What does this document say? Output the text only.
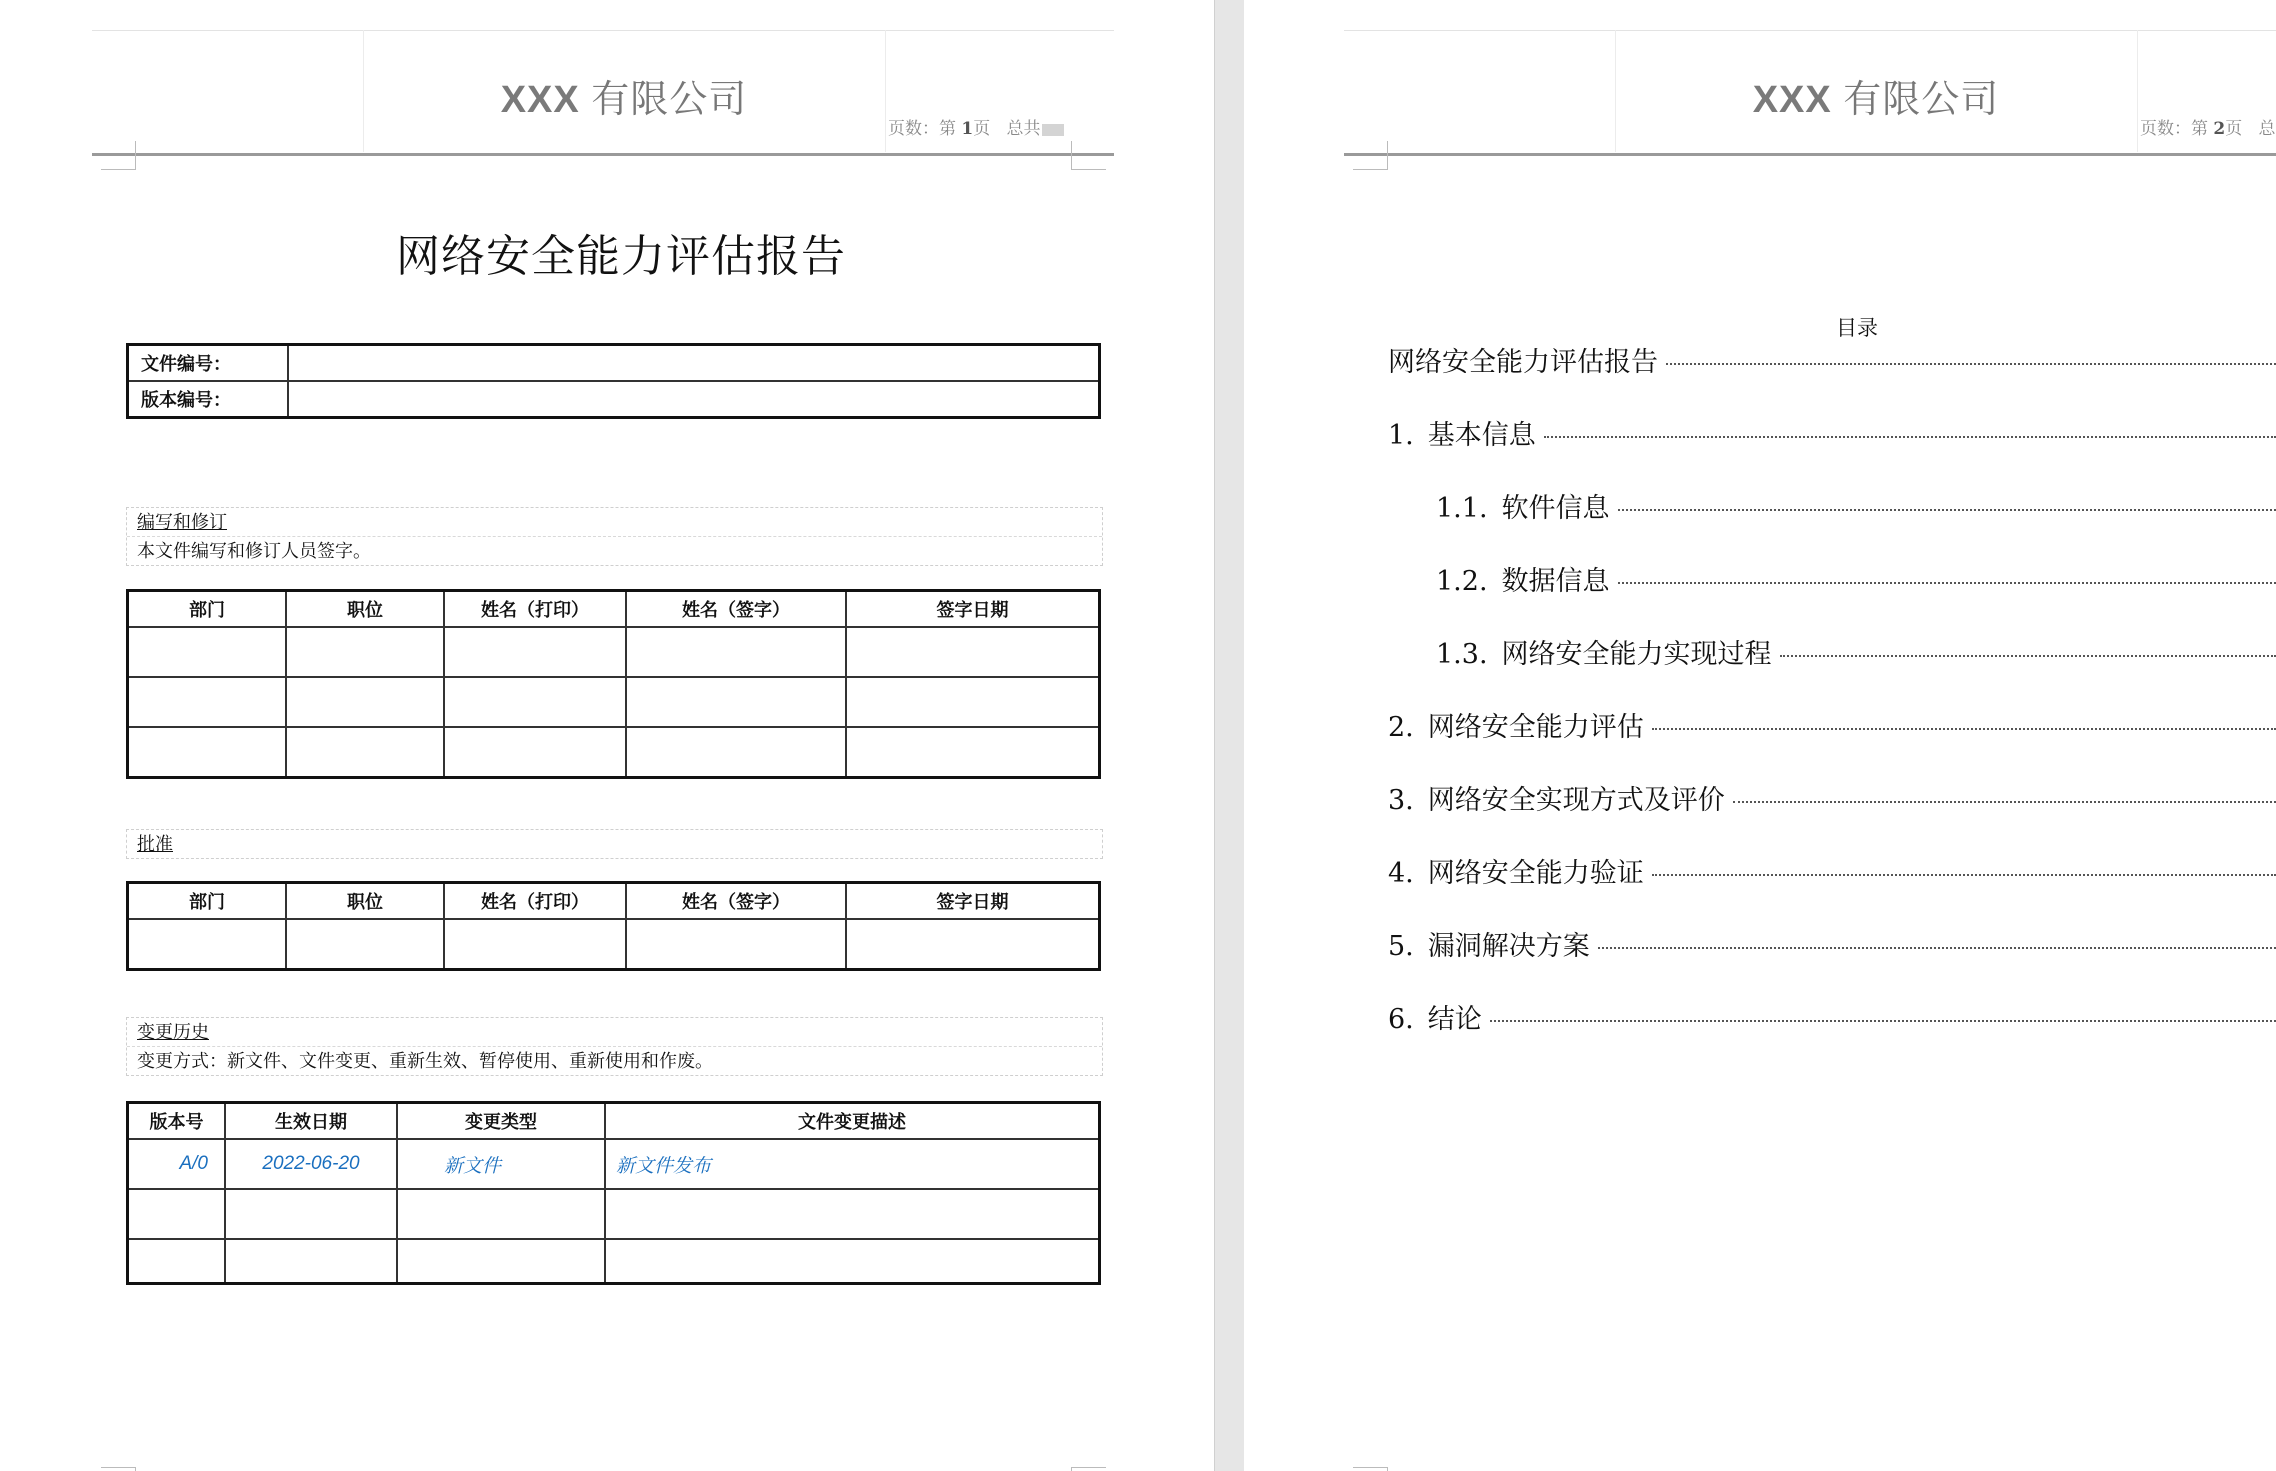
XXX 有限公司
页数：第 1页 总共
网络安全能力评估报告
文件编号：	
版本编号：	
编写和修订
本文件编写和修订人员签字。
部门	职位	姓名（打印）	姓名（签字）	签字日期

批准
部门	职位	姓名（打印）	姓名（签字）	签字日期

变更历史
变更方式：新文件、文件变更、重新生效、暂停使用、重新使用和作废。
版本号	生效日期	变更类型	文件变更描述
A/0	2022-06-20	新文件	新文件发布

XXX 有限公司
页数：第 2页 总
目录
网络安全能力评估报告
1. 基本信息
1.1. 软件信息
1.2. 数据信息
1.3. 网络安全能力实现过程
2. 网络安全能力评估
3. 网络安全实现方式及评价
4. 网络安全能力验证
5. 漏洞解决方案
6. 结论
